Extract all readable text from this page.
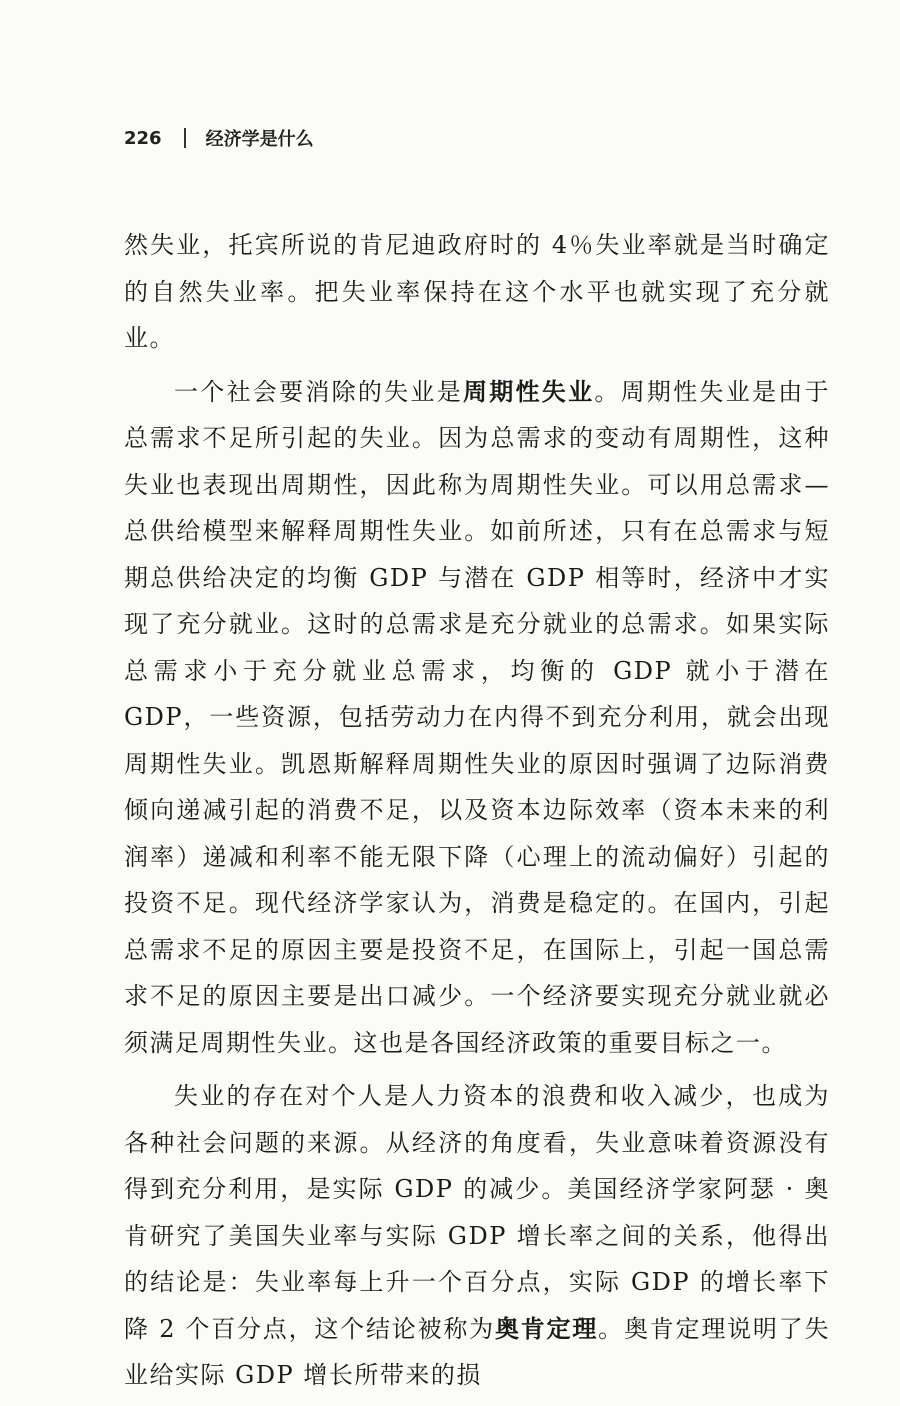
226 经济学是什么

然失业，托宾所说的肯尼迪政府时的 4％失业率就是当时确定的自然失业率。把失业率保持在这个水平也就实现了充分就业。

一个社会要消除的失业是周期性失业。周期性失业是由于总需求不足所引起的失业。因为总需求的变动有周期性，这种失业也表现出周期性，因此称为周期性失业。可以用总需求—总供给模型来解释周期性失业。如前所述，只有在总需求与短期总供给决定的均衡 GDP 与潜在 GDP 相等时，经济中才实现了充分就业。这时的总需求是充分就业的总需求。如果实际总需求小于充分就业总需求，均衡的 GDP 就小于潜在 GDP，一些资源，包括劳动力在内得不到充分利用，就会出现周期性失业。凯恩斯解释周期性失业的原因时强调了边际消费倾向递减引起的消费不足，以及资本边际效率（资本未来的利润率）递减和利率不能无限下降（心理上的流动偏好）引起的投资不足。现代经济学家认为，消费是稳定的。在国内，引起总需求不足的原因主要是投资不足，在国际上，引起一国总需求不足的原因主要是出口减少。一个经济要实现充分就业就必须满足周期性失业。这也是各国经济政策的重要目标之一。

失业的存在对个人是人力资本的浪费和收入减少，也成为各种社会问题的来源。从经济的角度看，失业意味着资源没有得到充分利用，是实际 GDP 的减少。美国经济学家阿瑟 · 奥肯研究了美国失业率与实际 GDP 增长率之间的关系，他得出的结论是：失业率每上升一个百分点，实际 GDP 的增长率下降 2 个百分点，这个结论被称为奥肯定理。奥肯定理说明了失业给实际 GDP 增长所带来的损
